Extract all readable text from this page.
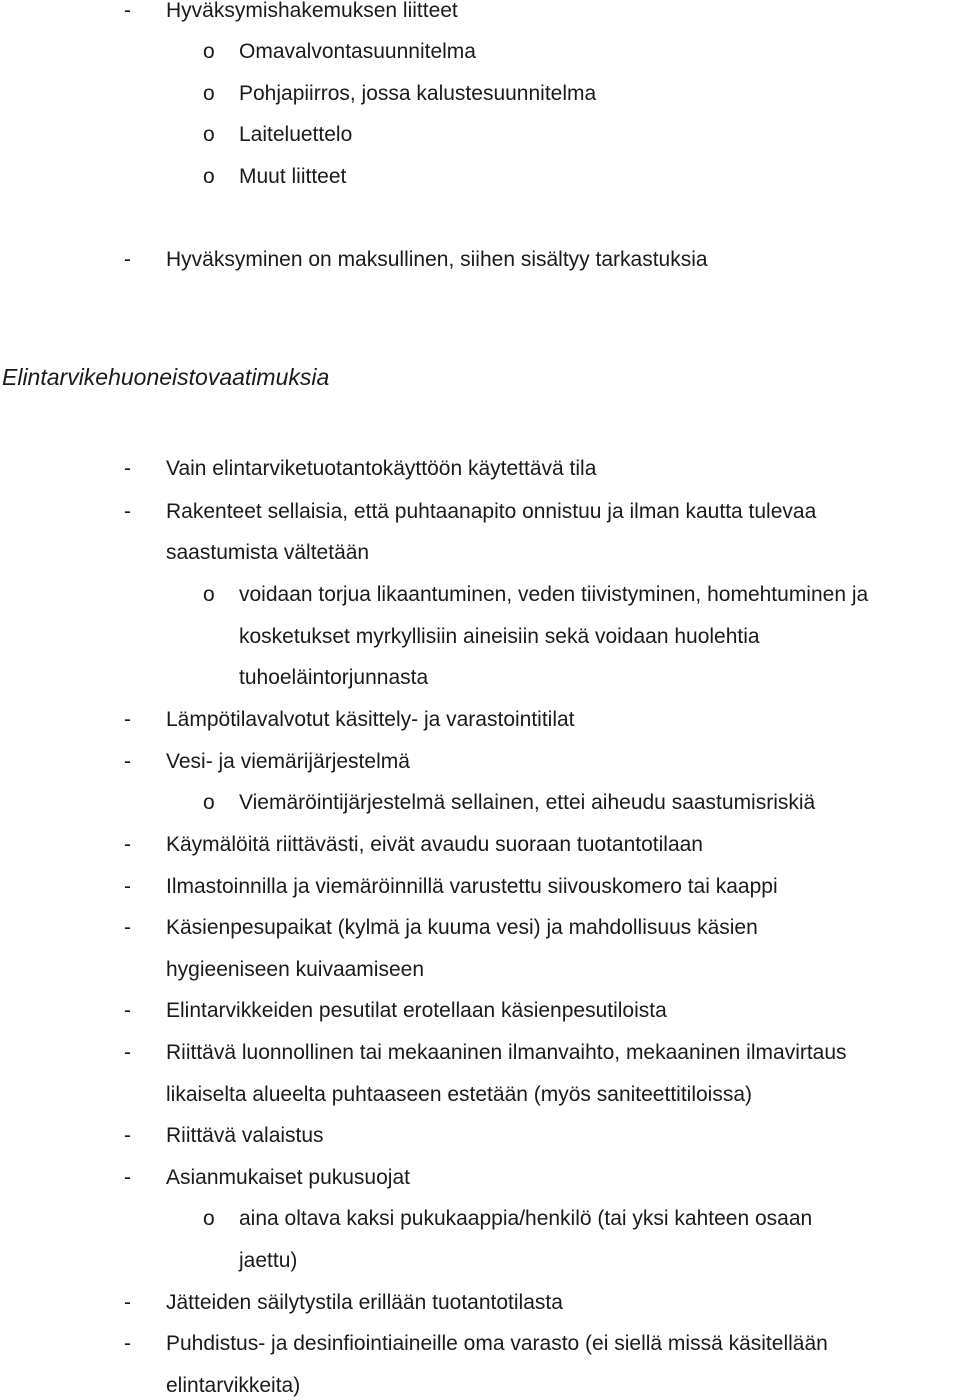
- Hyväksymishakemuksen liitteet
o Omavalvontasuunnitelma
o Pohjapiirros, jossa kalustesuunnitelma
o Laiteluettelo
o Muut liitteet
- Hyväksyminen on maksullinen, siihen sisältyy tarkastuksia
Elintarvikehuoneistovaatimuksia
- Vain elintarviketuotantokäyttöön käytettävä tila
- Rakenteet sellaisia, että puhtaanapito onnistuu ja ilman kautta tulevaa
saastumista vältetään
o voidaan torjua likaantuminen, veden tiivistyminen, homehtuminen ja
kosketukset myrkyllisiin aineisiin sekä voidaan huolehtia
tuhoeläintorjunnasta
- Lämpötilavalvotut käsittely- ja varastointitilat
- Vesi- ja viemärijärjestelmä
o Viemäröintijärjestelmä sellainen, ettei aiheudu saastumisriskiä
- Käymälöitä riittävästi, eivät avaudu suoraan tuotantotilaan
- Ilmastoinnilla ja viemäröinnillä varustettu siivouskomero tai kaappi
- Käsienpesupaikat (kylmä ja kuuma vesi) ja mahdollisuus käsien
hygieeniseen kuivaamiseen
- Elintarvikkeiden pesutilat erotellaan käsienpesutiloista
- Riittävä luonnollinen tai mekaaninen ilmanvaihto, mekaaninen ilmavirtaus
likaiselta alueelta puhtaaseen estetään (myös saniteettitiloissa)
- Riittävä valaistus
- Asianmukaiset pukusuojat
o aina oltava kaksi pukukaappia/henkilö (tai yksi kahteen osaan
jaettu)
- Jätteiden säilytystila erillään tuotantotilasta
- Puhdistus- ja desinfiointiaineille oma varasto (ei siellä missä käsitellään
elintarvikkeita)
